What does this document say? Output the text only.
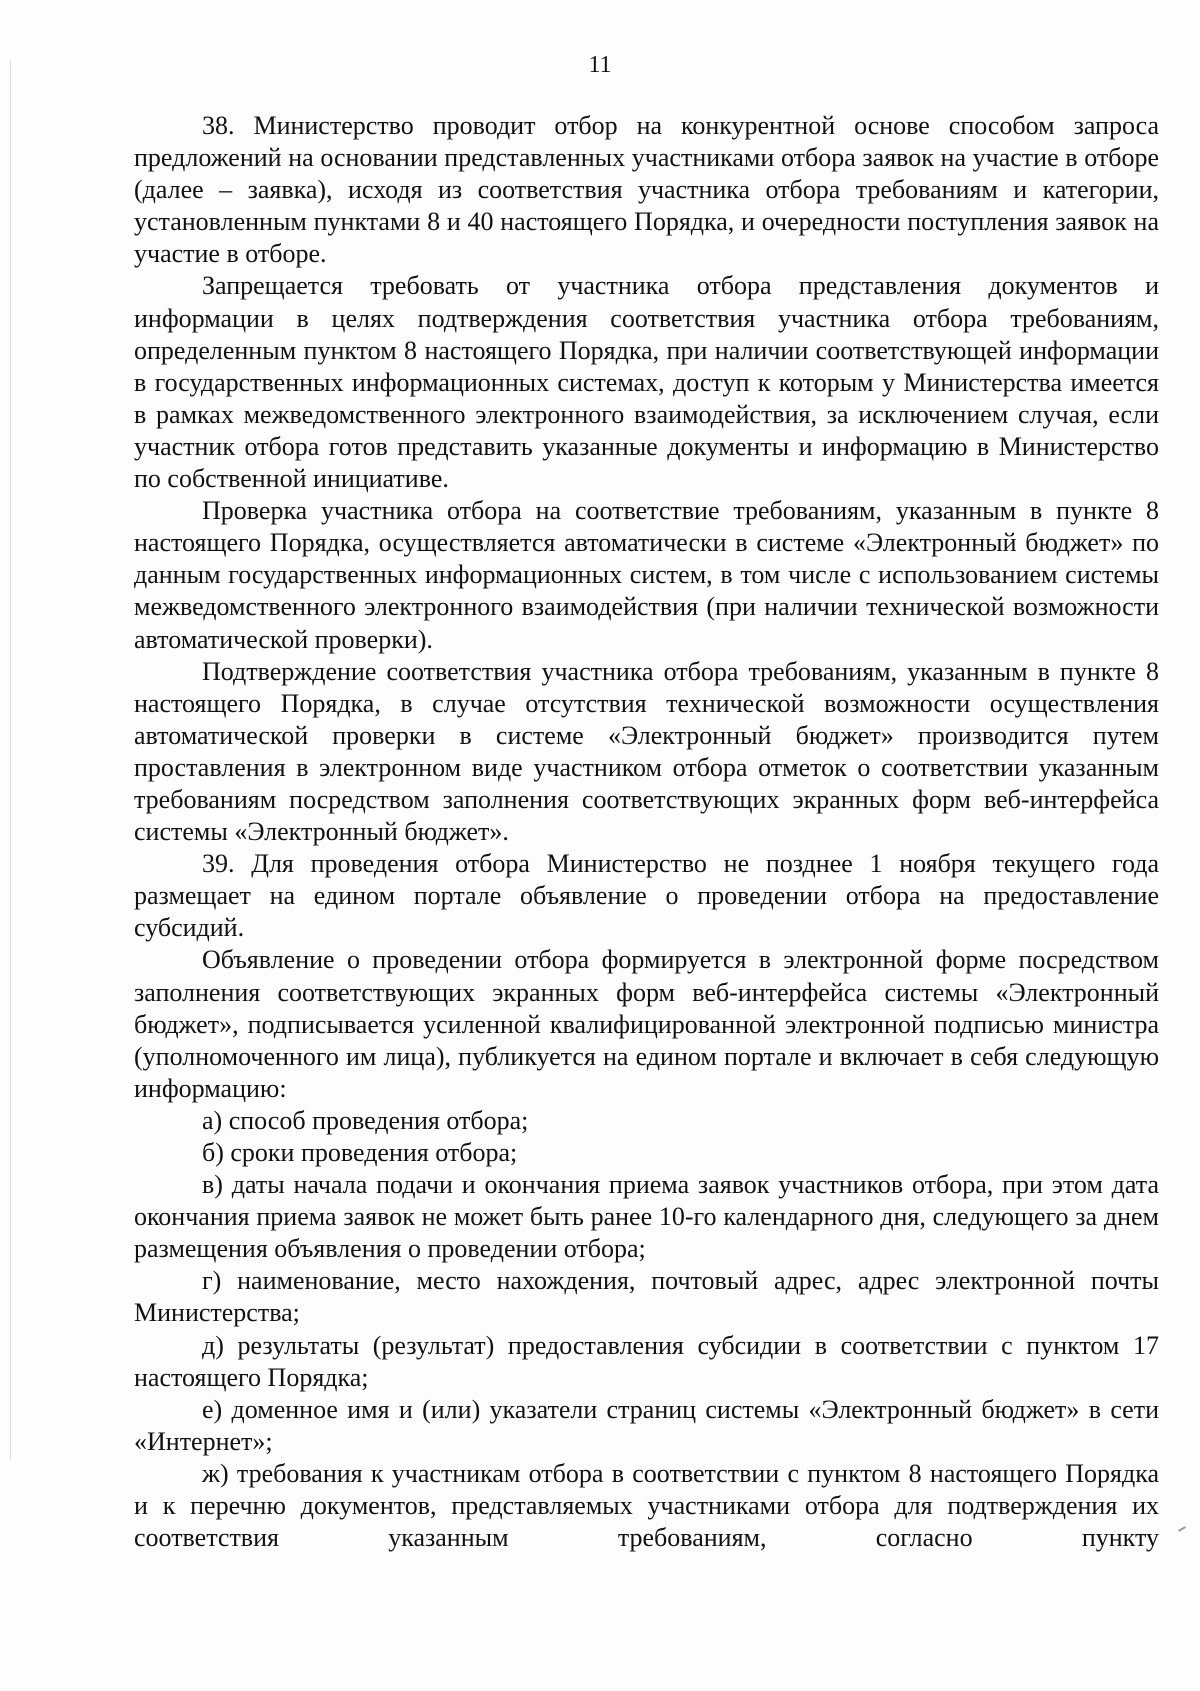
11

38. Министерство проводит отбор на конкурентной основе способом запроса предложений на основании представленных участниками отбора заявок на участие в отборе (далее – заявка), исходя из соответствия участника отбора требованиям и категории, установленным пунктами 8 и 40 настоящего Порядка, и очередности поступления заявок на участие в отборе.

Запрещается требовать от участника отбора представления документов и информации в целях подтверждения соответствия участника отбора требованиям, определенным пунктом 8 настоящего Порядка, при наличии соответствующей информации в государственных информационных системах, доступ к которым у Министерства имеется в рамках межведомственного электронного взаимодействия, за исключением случая, если участник отбора готов представить указанные документы и информацию в Министерство по собственной инициативе.

Проверка участника отбора на соответствие требованиям, указанным в пункте 8 настоящего Порядка, осуществляется автоматически в системе «Электронный бюджет» по данным государственных информационных систем, в том числе с использованием системы межведомственного электронного взаимодействия (при наличии технической возможности автоматической проверки).

Подтверждение соответствия участника отбора требованиям, указанным в пункте 8 настоящего Порядка, в случае отсутствия технической возможности осуществления автоматической проверки в системе «Электронный бюджет» производится путем проставления в электронном виде участником отбора отметок о соответствии указанным требованиям посредством заполнения соответствующих экранных форм веб-интерфейса системы «Электронный бюджет».

39. Для проведения отбора Министерство не позднее 1 ноября текущего года размещает на едином портале объявление о проведении отбора на предоставление субсидий.

Объявление о проведении отбора формируется в электронной форме посредством заполнения соответствующих экранных форм веб-интерфейса системы «Электронный бюджет», подписывается усиленной квалифицированной электронной подписью министра (уполномоченного им лица), публикуется на едином портале и включает в себя следующую информацию:

а) способ проведения отбора;

б) сроки проведения отбора;

в) даты начала подачи и окончания приема заявок участников отбора, при этом дата окончания приема заявок не может быть ранее 10-го календарного дня, следующего за днем размещения объявления о проведении отбора;

г) наименование, место нахождения, почтовый адрес, адрес электронной почты Министерства;

д) результаты (результат) предоставления субсидии в соответствии с пунктом 17 настоящего Порядка;

е) доменное имя и (или) указатели страниц системы «Электронный бюджет» в сети «Интернет»;

ж) требования к участникам отбора в соответствии с пунктом 8 настоящего Порядка и к перечню документов, представляемых участниками отбора для подтверждения их соответствия указанным требованиям, согласно пункту
